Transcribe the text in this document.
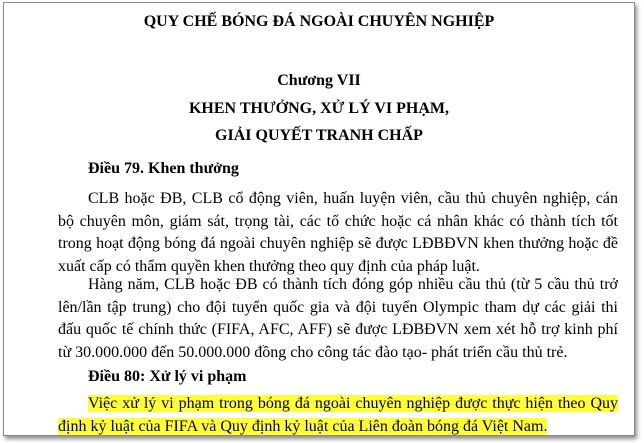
QUY CHẾ BÓNG ĐÁ NGOÀI CHUYÊN NGHIỆP
Chương VII
KHEN THƯỞNG, XỬ LÝ VI PHẠM,
GIẢI QUYẾT TRANH CHẤP
Điều 79. Khen thưởng
CLB hoặc ĐB, CLB cổ động viên, huấn luyện viên, cầu thủ chuyên nghiệp, cán bộ chuyên môn, giám sát, trọng tài, các tổ chức hoặc cá nhân khác có thành tích tốt trong hoạt động bóng đá ngoài chuyên nghiệp sẽ được LĐBĐVN khen thưởng hoặc đề xuất cấp có thẩm quyền khen thưởng theo quy định của pháp luật.
Hàng năm, CLB hoặc ĐB có thành tích đóng góp nhiều cầu thủ (từ 5 cầu thủ trở lên/lần tập trung) cho đội tuyển quốc gia và đội tuyển Olympic tham dự các giải thi đấu quốc tế chính thức (FIFA, AFC, AFF) sẽ được LĐBĐVN xem xét hỗ trợ kinh phí từ 30.000.000 đến 50.000.000 đồng cho công tác đào tạo- phát triển cầu thủ trẻ.
Điều 80: Xử lý vi phạm
Việc xử lý vi phạm trong bóng đá ngoài chuyên nghiệp được thực hiện theo Quy định kỷ luật của FIFA và Quy định kỷ luật của Liên đoàn bóng đá Việt Nam.
